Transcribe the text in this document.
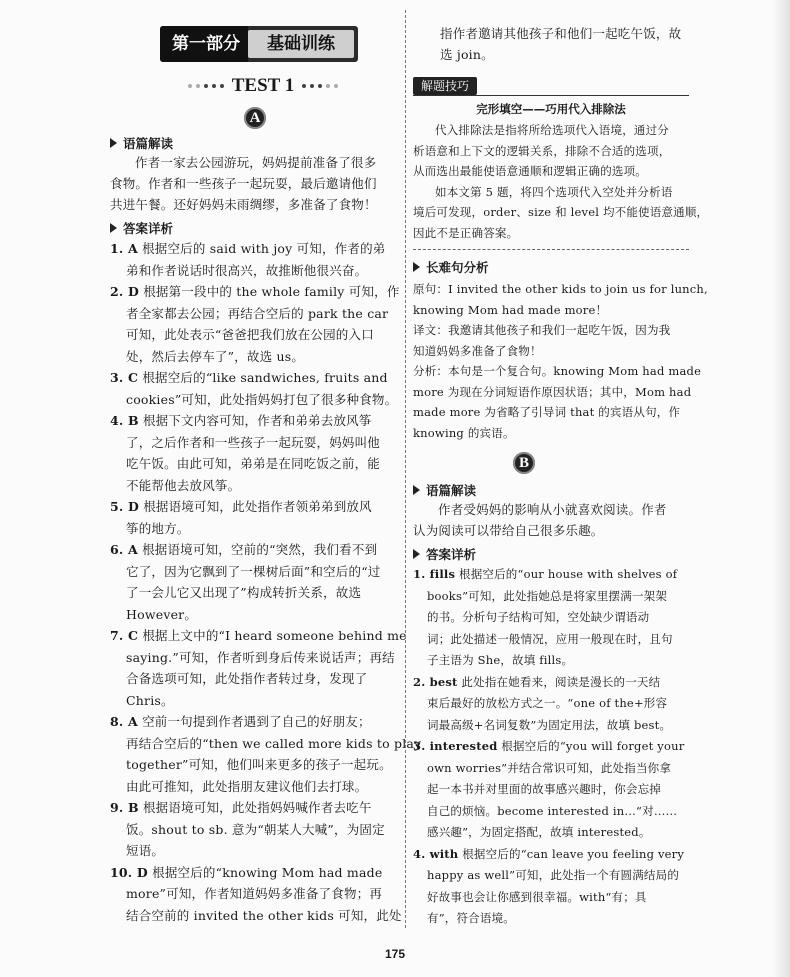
第一部分	基础训练
TEST 1
A
语篇解读
作者一家去公园游玩，妈妈提前准备了很多
食物。作者和一些孩子一起玩耍，最后邀请他们
共进午餐。还好妈妈未雨绸缪，多准备了食物！
答案详析
1. A 根据空后的 said with joy 可知，作者的弟
弟和作者说话时很高兴，故推断他很兴奋。
2. D 根据第一段中的 the whole family 可知，作
者全家都去公园；再结合空后的 park the car
可知，此处表示“爸爸把我们放在公园的入口
处，然后去停车了”，故选 us。
3. C 根据空后的“like sandwiches, fruits and
cookies”可知，此处指妈妈打包了很多种食物。
4. B 根据下文内容可知，作者和弟弟去放风筝
了，之后作者和一些孩子一起玩耍，妈妈叫他
吃午饭。由此可知，弟弟是在同吃饭之前，能
不能帮他去放风筝。
5. D 根据语境可知，此处指作者领弟弟到放风
筝的地方。
6. A 根据语境可知，空前的“突然，我们看不到
它了，因为它飘到了一棵树后面”和空后的“过
了一会儿它又出现了”构成转折关系，故选
However。
7. C 根据上文中的“I heard someone behind me
saying.”可知，作者听到身后传来说话声；再结
合备选项可知，此处指作者转过身，发现了
Chris。
8. A 空前一句提到作者遇到了自己的好朋友；
再结合空后的“then we called more kids to play
together”可知，他们叫来更多的孩子一起玩。
由此可推知，此处指朋友建议他们去打球。
9. B 根据语境可知，此处指妈妈喊作者去吃午
饭。shout to sb. 意为“朝某人大喊”，为固定
短语。
10. D 根据空后的“knowing Mom had made
more”可知，作者知道妈妈多准备了食物；再
结合空前的 invited the other kids 可知，此处
指作者邀请其他孩子和他们一起吃午饭，故
选 join。
解题技巧
完形填空——巧用代入排除法
代入排除法是指将所给选项代入语境，通过分
析语意和上下文的逻辑关系，排除不合适的选项，
从而选出最能使语意通顺和逻辑正确的选项。
如本文第 5 题，将四个选项代入空处并分析语
境后可发现，order、size 和 level 均不能使语意通顺，
因此不是正确答案。
长难句分析
原句：I invited the other kids to join us for lunch,
knowing Mom had made more！
译文：我邀请其他孩子和我们一起吃午饭，因为我
知道妈妈多准备了食物！
分析：本句是一个复合句。knowing Mom had made
more 为现在分词短语作原因状语；其中，Mom had
made more 为省略了引导词 that 的宾语从句，作
knowing 的宾语。
B
语篇解读
作者受妈妈的影响从小就喜欢阅读。作者
认为阅读可以带给自己很多乐趣。
答案详析
1. fills 根据空后的“our house with shelves of
books”可知，此处指她总是将家里摆满一架架
的书。分析句子结构可知，空处缺少谓语动
词；此处描述一般情况，应用一般现在时，且句
子主语为 She，故填 fills。
2. best 此处指在她看来，阅读是漫长的一天结
束后最好的放松方式之一。“one of the+形容
词最高级+名词复数”为固定用法，故填 best。
3. interested 根据空后的“you will forget your
own worries”并结合常识可知，此处指当你拿
起一本书并对里面的故事感兴趣时，你会忘掉
自己的烦恼。become interested in…“对……
感兴趣”，为固定搭配，故填 interested。
4. with 根据空后的“can leave you feeling very
happy as well”可知，此处指一个有圆满结局的
好故事也会让你感到很幸福。with“有；具
有”，符合语境。
175
